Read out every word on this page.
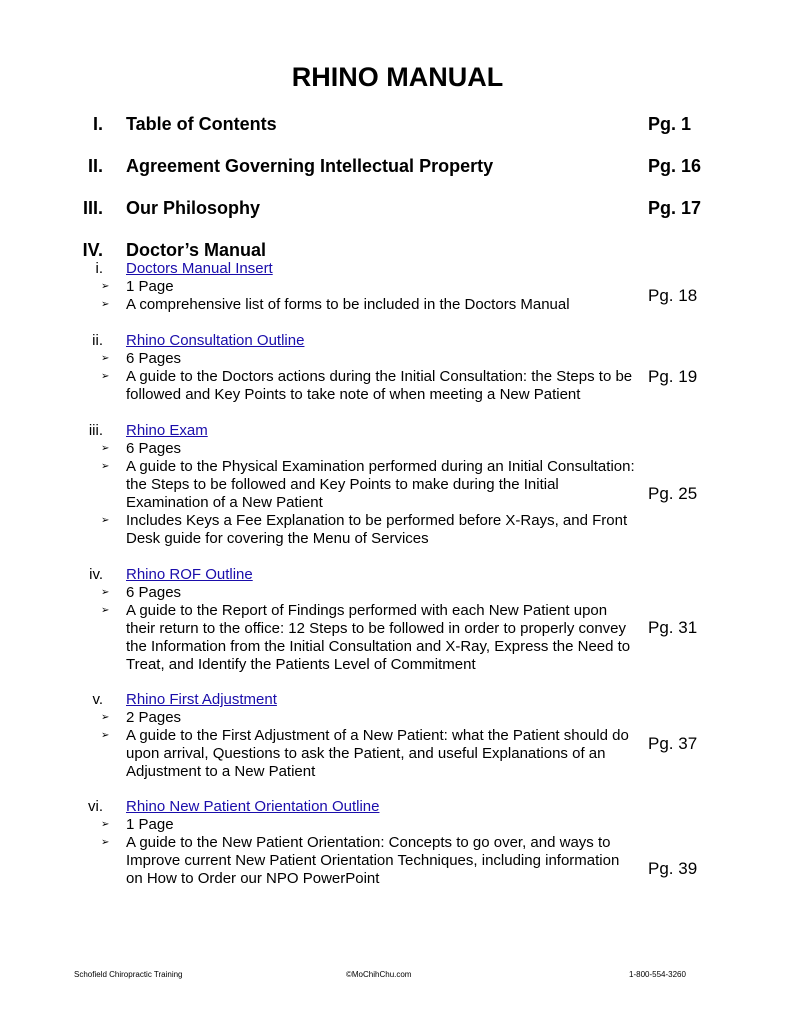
RHINO MANUAL
I. Table of Contents	Pg. 1
II. Agreement Governing Intellectual Property	Pg. 16
III. Our Philosophy	Pg. 17
IV. Doctor’s Manual
i. Doctors Manual Insert
➢ 1 Page
➢ A comprehensive list of forms to be included in the Doctors Manual	Pg. 18
ii. Rhino Consultation Outline
➢ 6 Pages
➢ A guide to the Doctors actions during the Initial Consultation: the Steps to be followed and Key Points to take note of when meeting a New Patient
Pg. 19
iii. Rhino Exam
➢ 6 Pages
➢ A guide to the Physical Examination performed during an Initial Consultation: the Steps to be followed and Key Points to make during the Initial Examination of a New Patient
➢ Includes Keys a Fee Explanation to be performed before X-Rays, and Front Desk guide for covering the Menu of Services
Pg. 25
iv. Rhino ROF Outline
➢ 6 Pages
➢ A guide to the Report of Findings performed with each New Patient upon their return to the office: 12 Steps to be followed in order to properly convey the Information from the Initial Consultation and X-Ray, Express the Need to Treat, and Identify the Patients Level of Commitment
Pg. 31
v. Rhino First Adjustment
➢ 2 Pages
➢ A guide to the First Adjustment of a New Patient: what the Patient should do upon arrival, Questions to ask the Patient, and useful Explanations of an Adjustment to a New Patient
Pg. 37
vi. Rhino New Patient Orientation Outline
➢ 1 Page
➢ A guide to the New Patient Orientation: Concepts to go over, and ways to Improve current New Patient Orientation Techniques, including information on How to Order our NPO PowerPoint
Pg. 39
Schofield Chiropractic Training	©MoChihChu.com	1-800-554-3260
